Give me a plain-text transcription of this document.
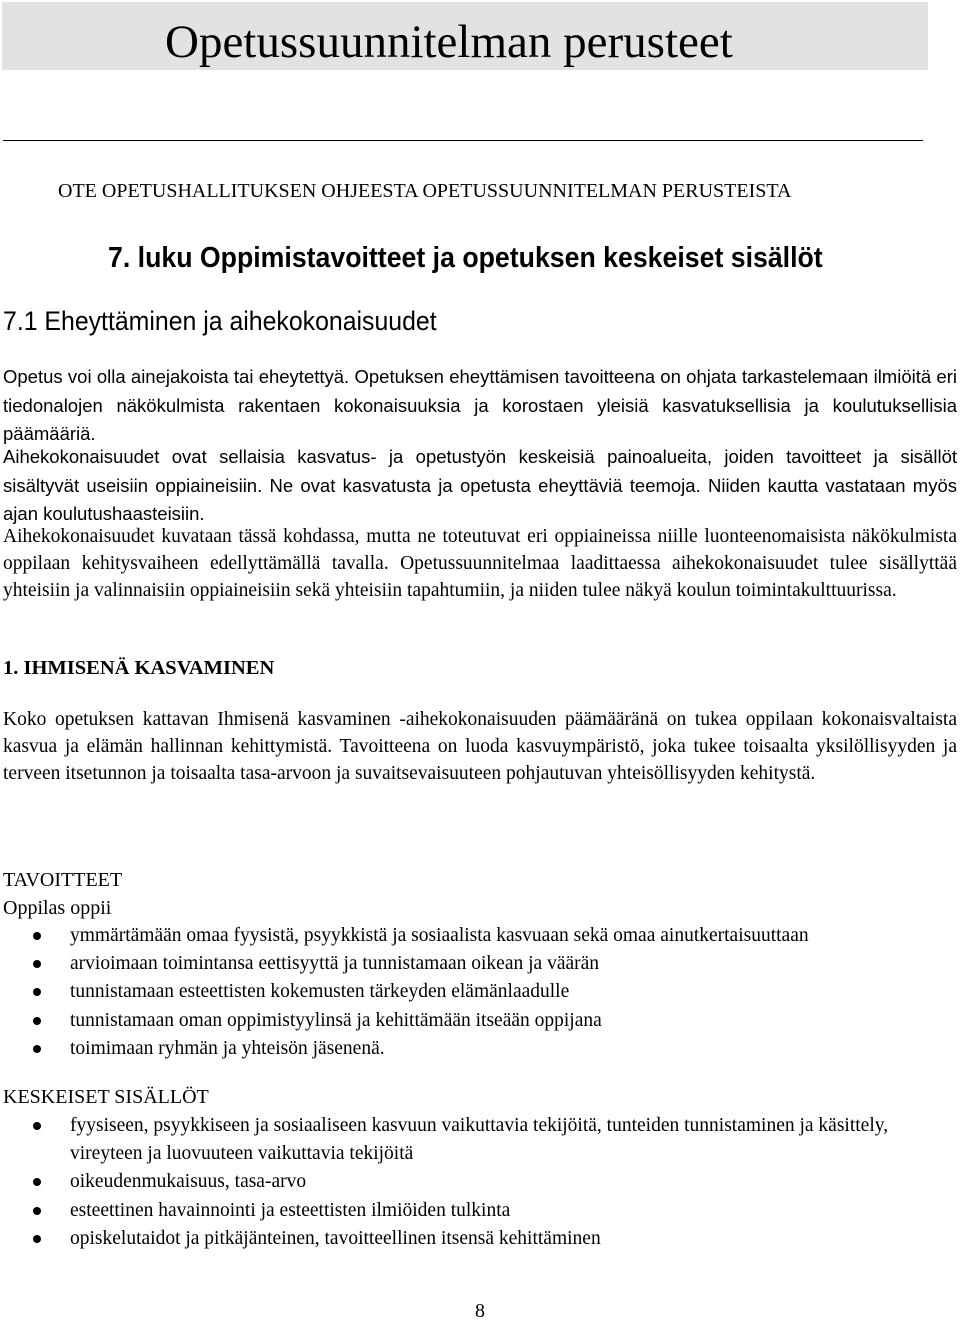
Opetussuunnitelman perusteet
OTE OPETUSHALLITUKSEN OHJEESTA OPETUSSUUNNITELMAN PERUSTEISTA
7. luku Oppimistavoitteet ja opetuksen keskeiset sisällöt
7.1 Eheyttäminen ja aihekokonaisuudet

Opetus voi olla ainejakoista tai eheytettyä. Opetuksen eheyttämisen tavoitteena on ohjata tarkastelemaan ilmiöitä eri tiedonalojen näkökulmista rakentaen kokonaisuuksia ja korostaen yleisiä kasvatuksellisia ja koulutuksellisia päämääriä.

Aihekokonaisuudet ovat sellaisia kasvatus- ja opetustyön keskeisiä painoalueita, joiden tavoitteet ja sisällöt sisältyvät useisiin oppiaineisiin. Ne ovat kasvatusta ja opetusta eheyttäviä teemoja. Niiden kautta vastataan myös ajan koulutushaasteisiin.

Aihekokonaisuudet kuvataan tässä kohdassa, mutta ne toteutuvat eri oppiaineissa niille luonteenomaisista näkökulmista oppilaan kehitysvaiheen edellyttämällä tavalla. Opetussuunnitelmaa laadittaessa aihekokonaisuudet tulee sisällyttää yhteisiin ja valinnaisiin oppiaineisiin sekä yhteisiin tapahtumiin, ja niiden tulee näkyä koulun toimintakulttuurissa.

1. IHMISENÄ KASVAMINEN

Koko opetuksen kattavan Ihmisenä kasvaminen -aihekokonaisuuden päämääränä on tukea oppilaan kokonaisvaltaista kasvua ja elämän hallinnan kehittymistä. Tavoitteena on luoda kasvuympäristö, joka tukee toisaalta yksilöllisyyden ja terveen itsetunnon ja toisaalta tasa-arvoon ja suvaitsevaisuuteen pohjautuvan yhteisöllisyyden kehitystä.

TAVOITTEET
Oppilas oppii
ymmärtämään omaa fyysistä, psyykkistä ja sosiaalista kasvuaan sekä omaa ainutkertaisuuttaan
arvioimaan toimintansa eettisyyttä ja tunnistamaan oikean ja väärän
tunnistamaan esteettisten kokemusten tärkeyden elämänlaadulle
tunnistamaan oman oppimistyylinsä ja kehittämään itseään oppijana
toimimaan ryhmän ja yhteisön jäsenenä.
KESKEISET SISÄLLÖT
fyysiseen, psyykkiseen ja sosiaaliseen kasvuun vaikuttavia tekijöitä, tunteiden tunnistaminen ja käsittely, vireyteen ja luovuuteen vaikuttavia tekijöitä
oikeudenmukaisuus, tasa-arvo
esteettinen havainnointi ja esteettisten ilmiöiden tulkinta
opiskelutaidot ja pitkäjänteinen, tavoitteellinen itsensä kehittäminen
8
